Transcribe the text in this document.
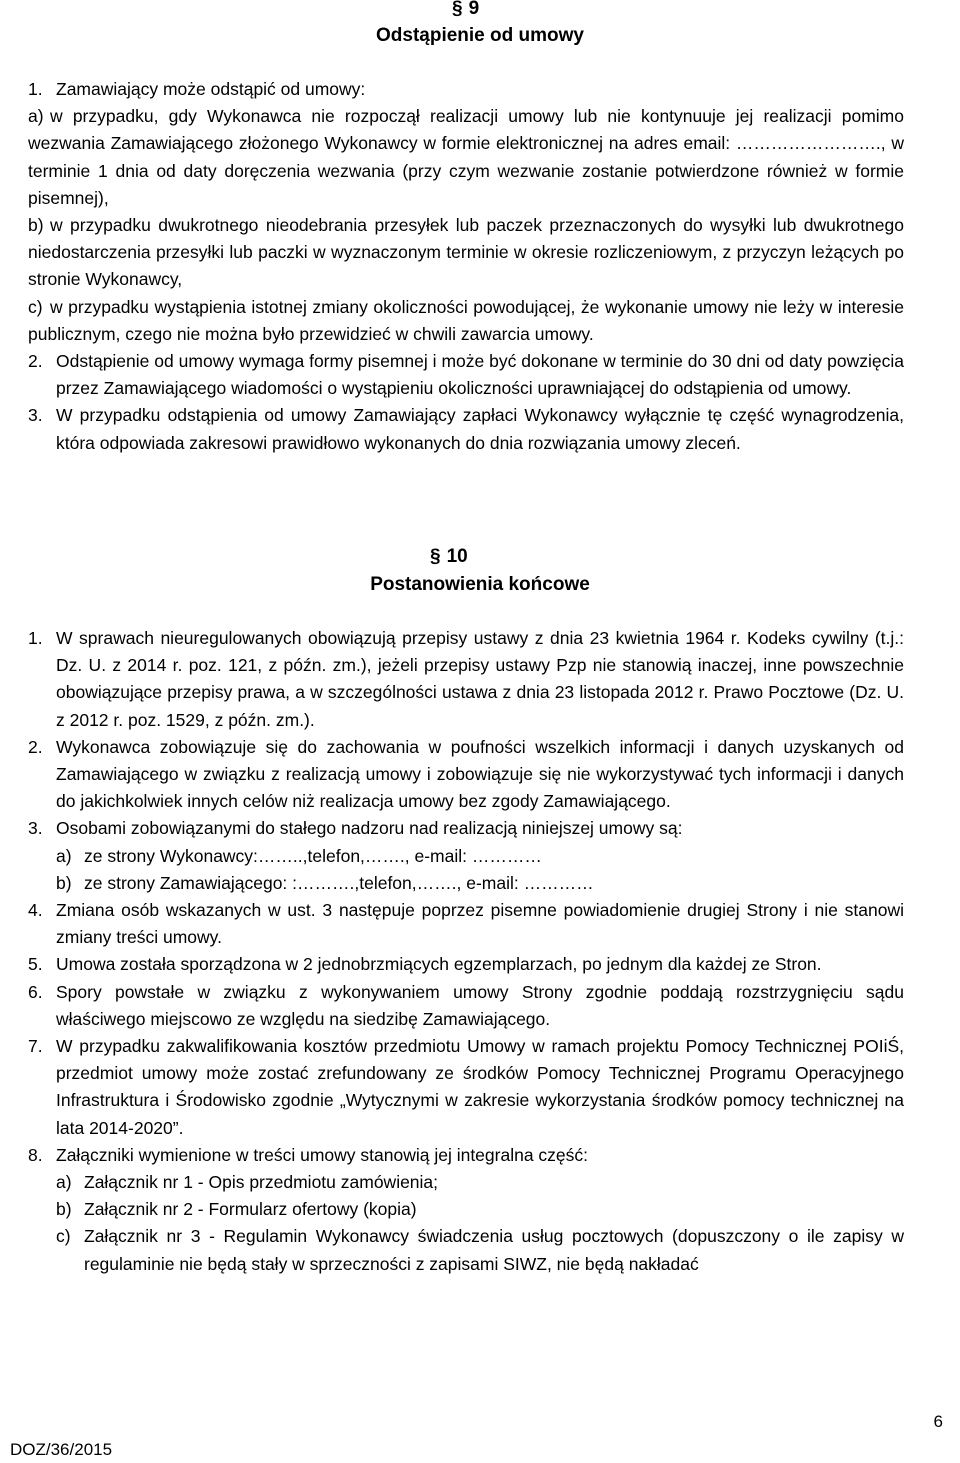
§ 9
Odstąpienie od umowy
1. Zamawiający może odstąpić od umowy:
a) w przypadku, gdy Wykonawca nie rozpoczął realizacji umowy lub nie kontynuuje jej realizacji pomimo wezwania Zamawiającego złożonego Wykonawcy w formie elektronicznej na adres email: ……………………., w terminie 1 dnia od daty doręczenia wezwania (przy czym wezwanie zostanie potwierdzone również w formie pisemnej),
b) w przypadku dwukrotnego nieodebrania przesyłek lub paczek przeznaczonych do wysyłki lub dwukrotnego niedostarczenia przesyłki lub paczki w wyznaczonym terminie w okresie rozliczeniowym, z przyczyn leżących po stronie Wykonawcy,
c) w przypadku wystąpienia istotnej zmiany okoliczności powodującej, że wykonanie umowy nie leży w interesie publicznym, czego nie można było przewidzieć w chwili zawarcia umowy.
2. Odstąpienie od umowy wymaga formy pisemnej i może być dokonane w terminie do 30 dni od daty powzięcia przez Zamawiającego wiadomości o wystąpieniu okoliczności uprawniającej do odstąpienia od umowy.
3. W przypadku odstąpienia od umowy Zamawiający zapłaci Wykonawcy wyłącznie tę część wynagrodzenia, która odpowiada zakresowi prawidłowo wykonanych do dnia rozwiązania umowy zleceń.
§ 10
Postanowienia końcowe
1. W sprawach nieuregulowanych obowiązują przepisy ustawy z dnia 23 kwietnia 1964 r. Kodeks cywilny (t.j.: Dz. U. z 2014 r. poz. 121, z późn. zm.), jeżeli przepisy ustawy Pzp nie stanowią inaczej, inne powszechnie obowiązujące przepisy prawa, a w szczególności ustawa z dnia 23 listopada 2012 r. Prawo Pocztowe (Dz. U. z 2012 r. poz. 1529, z późn. zm.).
2. Wykonawca zobowiązuje się do zachowania w poufności wszelkich informacji i danych uzyskanych od Zamawiającego w związku z realizacją umowy i zobowiązuje się nie wykorzystywać tych informacji i danych do jakichkolwiek innych celów niż realizacja umowy bez zgody Zamawiającego.
3. Osobami zobowiązanymi do stałego nadzoru nad realizacją niniejszej umowy są:
a) ze strony Wykonawcy:……..,telefon,……., e-mail: …………
b) ze strony Zamawiającego: :……….,telefon,……., e-mail: …………
4. Zmiana osób wskazanych w ust. 3 następuje poprzez pisemne powiadomienie drugiej Strony i nie stanowi zmiany treści umowy.
5. Umowa została sporządzona w 2 jednobrzmiących egzemplarzach, po jednym dla każdej ze Stron.
6. Spory powstałe w związku z wykonywaniem umowy Strony zgodnie poddają rozstrzygnięciu sądu właściwego miejscowo ze względu na siedzibę Zamawiającego.
7. W przypadku zakwalifikowania kosztów przedmiotu Umowy w ramach projektu Pomocy Technicznej POIiŚ, przedmiot umowy może zostać zrefundowany ze środków Pomocy Technicznej Programu Operacyjnego Infrastruktura i Środowisko zgodnie „Wytycznymi w zakresie wykorzystania środków pomocy technicznej na lata 2014-2020”.
8. Załączniki wymienione w treści umowy stanowią jej integralna część:
a) Załącznik nr 1 - Opis przedmiotu zamówienia;
b) Załącznik nr 2 - Formularz ofertowy (kopia)
c) Załącznik nr 3 - Regulamin Wykonawcy świadczenia usług pocztowych (dopuszczony o ile zapisy w regulaminie nie będą stały w sprzeczności z zapisami SIWZ, nie będą nakładać
6
DOZ/36/2015
